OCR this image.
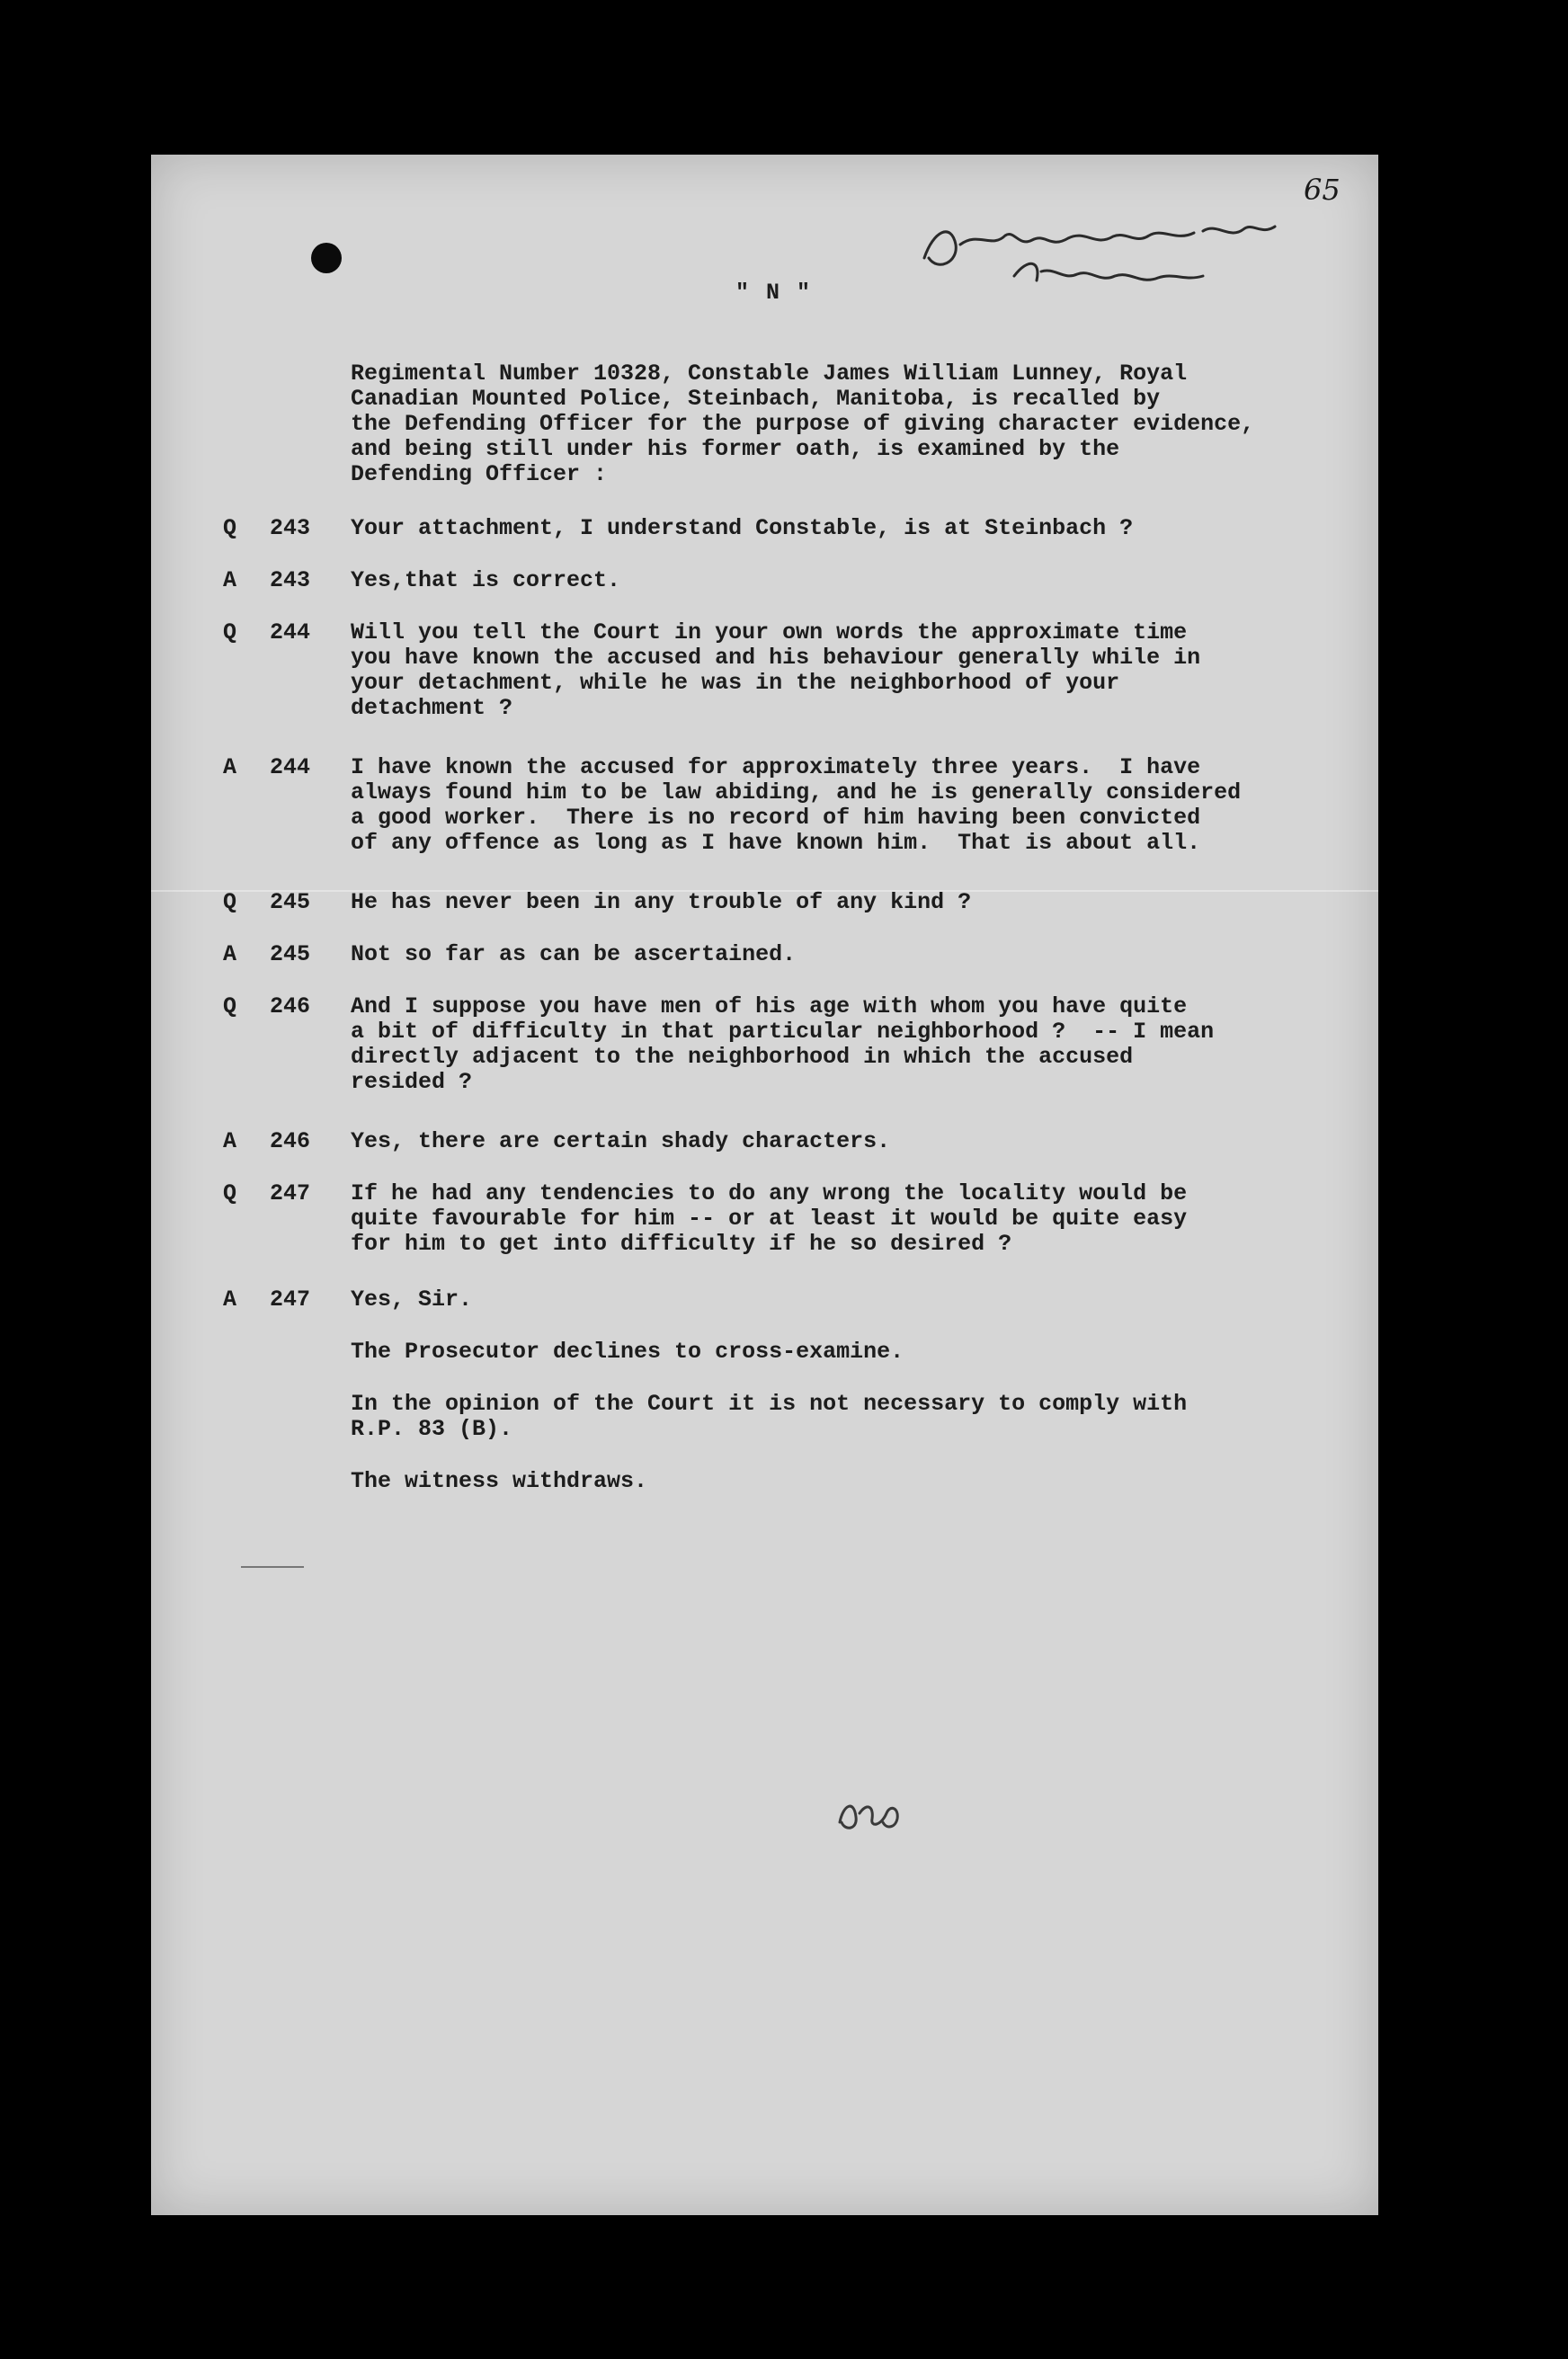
65
" N "
Regimental Number 10328, Constable James William Lunney, Royal
Canadian Mounted Police, Steinbach, Manitoba, is recalled by
the Defending Officer for the purpose of giving character evidence,
and being still under his former oath, is examined by the
Defending Officer :
Q 243 Your attachment, I understand Constable, is at Steinbach ?
A 243 Yes,that is correct.
Q 244 Will you tell the Court in your own words the approximate time
you have known the accused and his behaviour generally while in
your detachment, while he was in the neighborhood of your
detachment ?
A 244 I have known the accused for approximately three years.  I have
always found him to be law abiding, and he is generally considered
a good worker.  There is no record of him having been convicted
of any offence as long as I have known him.  That is about all.
Q 245 He has never been in any trouble of any kind ?
A 245 Not so far as can be ascertained.
Q 246 And I suppose you have men of his age with whom you have quite
a bit of difficulty in that particular neighborhood ?  -- I mean
directly adjacent to the neighborhood in which the accused
resided ?
A 246 Yes, there are certain shady characters.
Q 247 If he had any tendencies to do any wrong the locality would be
quite favourable for him -- or at least it would be quite easy
for him to get into difficulty if he so desired ?
A 247 Yes, Sir.
The Prosecutor declines to cross-examine.
In the opinion of the Court it is not necessary to comply with
R.P. 83 (B).
The witness withdraws.
